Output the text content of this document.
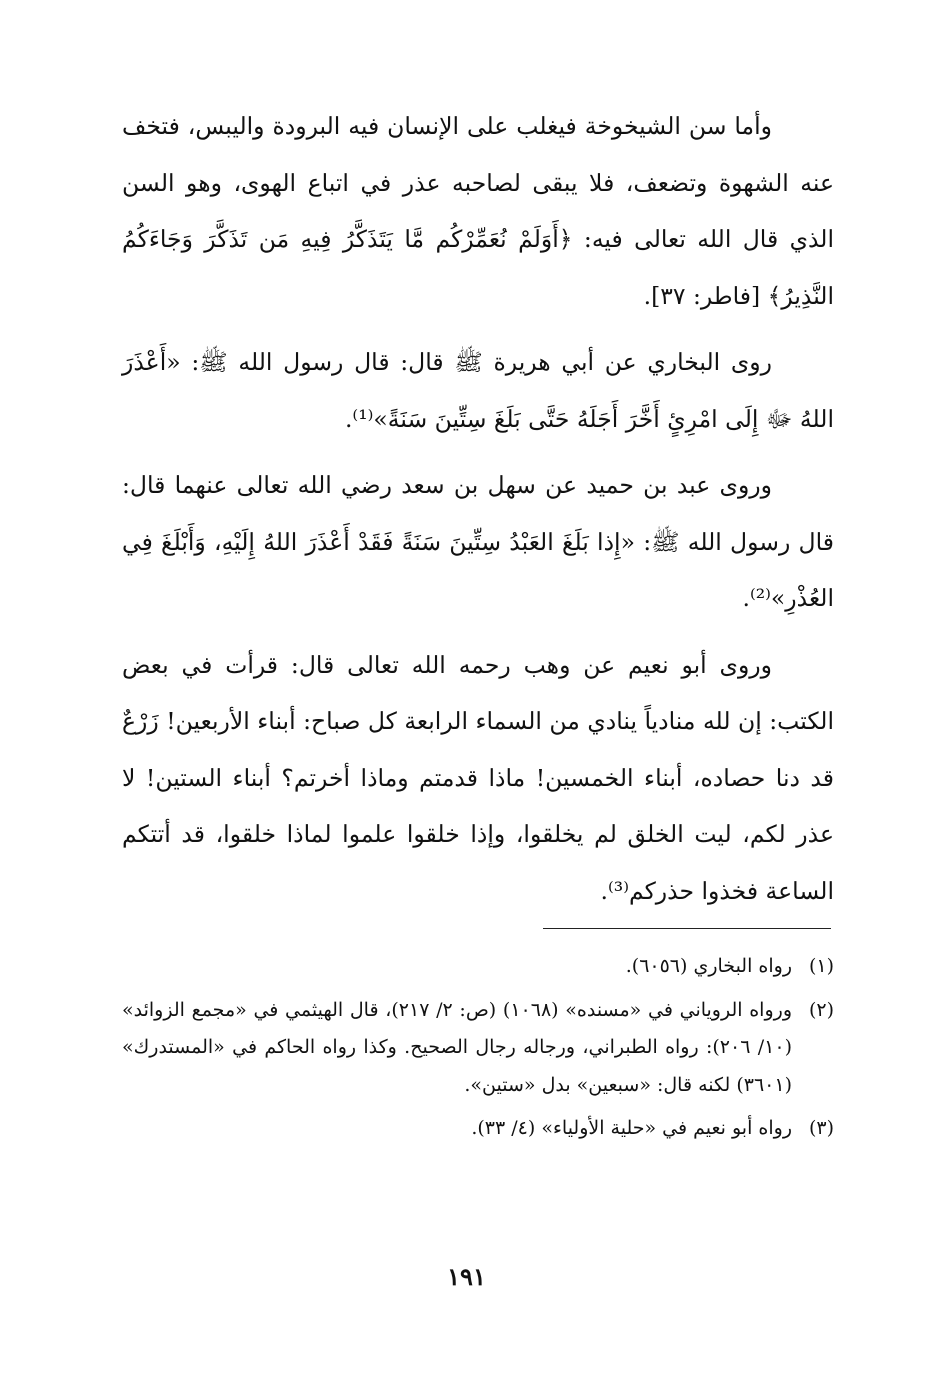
وأما سن الشيخوخة فيغلب على الإنسان فيه البرودة واليبس، فتخف عنه الشهوة وتضعف، فلا يبقى لصاحبه عذر في اتباع الهوى، وهو السن الذي قال الله تعالى فيه: ﴿أَوَلَمْ نُعَمِّرْكُم مَّا يَتَذَكَّرُ فِيهِ مَن تَذَكَّرَ وَجَاءَكُمُ النَّذِيرُ﴾ [فاطر: ٣٧].

روى البخاري عن أبي هريرة ﷺ قال: قال رسول الله ﷺ: «أَعْذَرَ اللهُ ﷻ إِلَى امْرِئٍ أَخَّرَ أَجَلَهُ حَتَّى بَلَغَ سِتِّينَ سَنَةً»⁽¹⁾.

وروى عبد بن حميد عن سهل بن سعد رضي الله تعالى عنهما قال: قال رسول الله ﷺ: «إِذا بَلَغَ العَبْدُ سِتِّينَ سَنَةً فَقَدْ أَعْذَرَ اللهُ إِلَيْهِ، وَأَبْلَغَ فِي العُذْرِ»⁽²⁾.

وروى أبو نعيم عن وهب رحمه الله تعالى قال: قرأت في بعض الكتب: إن لله منادياً ينادي من السماء الرابعة كل صباح: أبناء الأربعين! زَرْعٌ قد دنا حصاده، أبناء الخمسين! ماذا قدمتم وماذا أخرتم؟ أبناء الستين! لا عذر لكم، ليت الخلق لم يخلقوا، وإذا خلقوا علموا لماذا خلقوا، قد أتتكم الساعة فخذوا حذركم⁽³⁾.

(١)
رواه البخاري (٦٠٥٦).
(٢)
ورواه الروياني في «مسنده» (١٠٦٨) (ص: ٢/ ٢١٧)، قال الهيثمي في «مجمع الزوائد» (١٠/ ٢٠٦): رواه الطبراني، ورجاله رجال الصحيح. وكذا رواه الحاكم في «المستدرك» (٣٦٠١) لكنه قال: «سبعين» بدل «ستين».
(٣)
رواه أبو نعيم في «حلية الأولياء» (٤/ ٣٣).
١٩١
